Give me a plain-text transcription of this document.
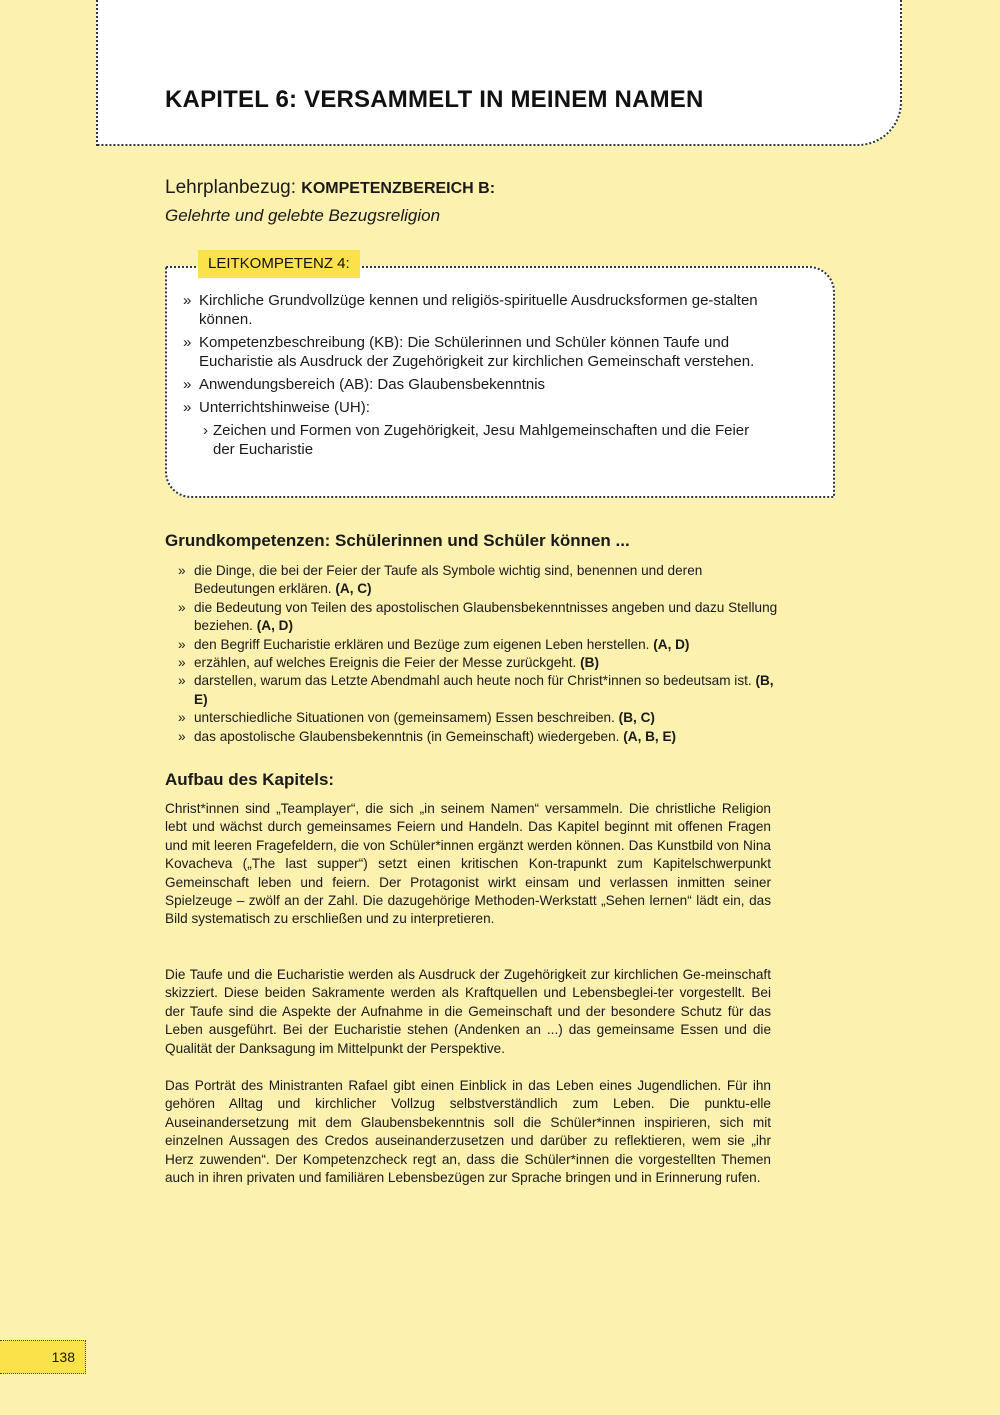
KAPITEL 6: VERSAMMELT IN MEINEM NAMEN
Lehrplanbezug: KOMPETENZBEREICH B:
Gelehrte und gelebte Bezugsreligion
LEITKOMPETENZ 4:
» Kirchliche Grundvollzüge kennen und religiös-spirituelle Ausdrucksformen ge-stalten können.
» Kompetenzbeschreibung (KB): Die Schülerinnen und Schüler können Taufe und Eucharistie als Ausdruck der Zugehörigkeit zur kirchlichen Gemeinschaft verstehen.
» Anwendungsbereich (AB): Das Glaubensbekenntnis
» Unterrichtshinweise (UH):
› Zeichen und Formen von Zugehörigkeit, Jesu Mahlgemeinschaften und die Feier der Eucharistie
Grundkompetenzen: Schülerinnen und Schüler können ...
» die Dinge, die bei der Feier der Taufe als Symbole wichtig sind, benennen und deren Bedeutungen erklären. (A, C)
» die Bedeutung von Teilen des apostolischen Glaubensbekenntnisses angeben und dazu Stellung beziehen. (A, D)
» den Begriff Eucharistie erklären und Bezüge zum eigenen Leben herstellen. (A, D)
» erzählen, auf welches Ereignis die Feier der Messe zurückgeht. (B)
» darstellen, warum das Letzte Abendmahl auch heute noch für Christ*innen so bedeutsam ist. (B, E)
» unterschiedliche Situationen von (gemeinsamem) Essen beschreiben. (B, C)
» das apostolische Glaubensbekenntnis (in Gemeinschaft) wiedergeben. (A, B, E)
Aufbau des Kapitels:

Christ*innen sind „Teamplayer“, die sich „in seinem Namen“ versammeln. Die christliche Religion lebt und wächst durch gemeinsames Feiern und Handeln. Das Kapitel beginnt mit offenen Fragen und mit leeren Fragefeldern, die von Schüler*innen ergänzt werden können. Das Kunstbild von Nina Kovacheva („The last supper“) setzt einen kritischen Kon-trapunkt zum Kapitelschwerpunkt Gemeinschaft leben und feiern. Der Protagonist wirkt einsam und verlassen inmitten seiner Spielzeuge – zwölf an der Zahl. Die dazugehörige Methoden-Werkstatt „Sehen lernen“ lädt ein, das Bild systematisch zu erschließen und zu interpretieren.

Die Taufe und die Eucharistie werden als Ausdruck der Zugehörigkeit zur kirchlichen Ge-meinschaft skizziert. Diese beiden Sakramente werden als Kraftquellen und Lebensbeglei-ter vorgestellt. Bei der Taufe sind die Aspekte der Aufnahme in die Gemeinschaft und der besondere Schutz für das Leben ausgeführt. Bei der Eucharistie stehen (Andenken an ...) das gemeinsame Essen und die Qualität der Danksagung im Mittelpunkt der Perspektive.

Das Porträt des Ministranten Rafael gibt einen Einblick in das Leben eines Jugendlichen. Für ihn gehören Alltag und kirchlicher Vollzug selbstverständlich zum Leben. Die punktu-elle Auseinandersetzung mit dem Glaubensbekenntnis soll die Schüler*innen inspirieren, sich mit einzelnen Aussagen des Credos auseinanderzusetzen und darüber zu reflektieren, wem sie „ihr Herz zuwenden“. Der Kompetenzcheck regt an, dass die Schüler*innen die vorgestellten Themen auch in ihren privaten und familiären Lebensbezügen zur Sprache bringen und in Erinnerung rufen.

138
